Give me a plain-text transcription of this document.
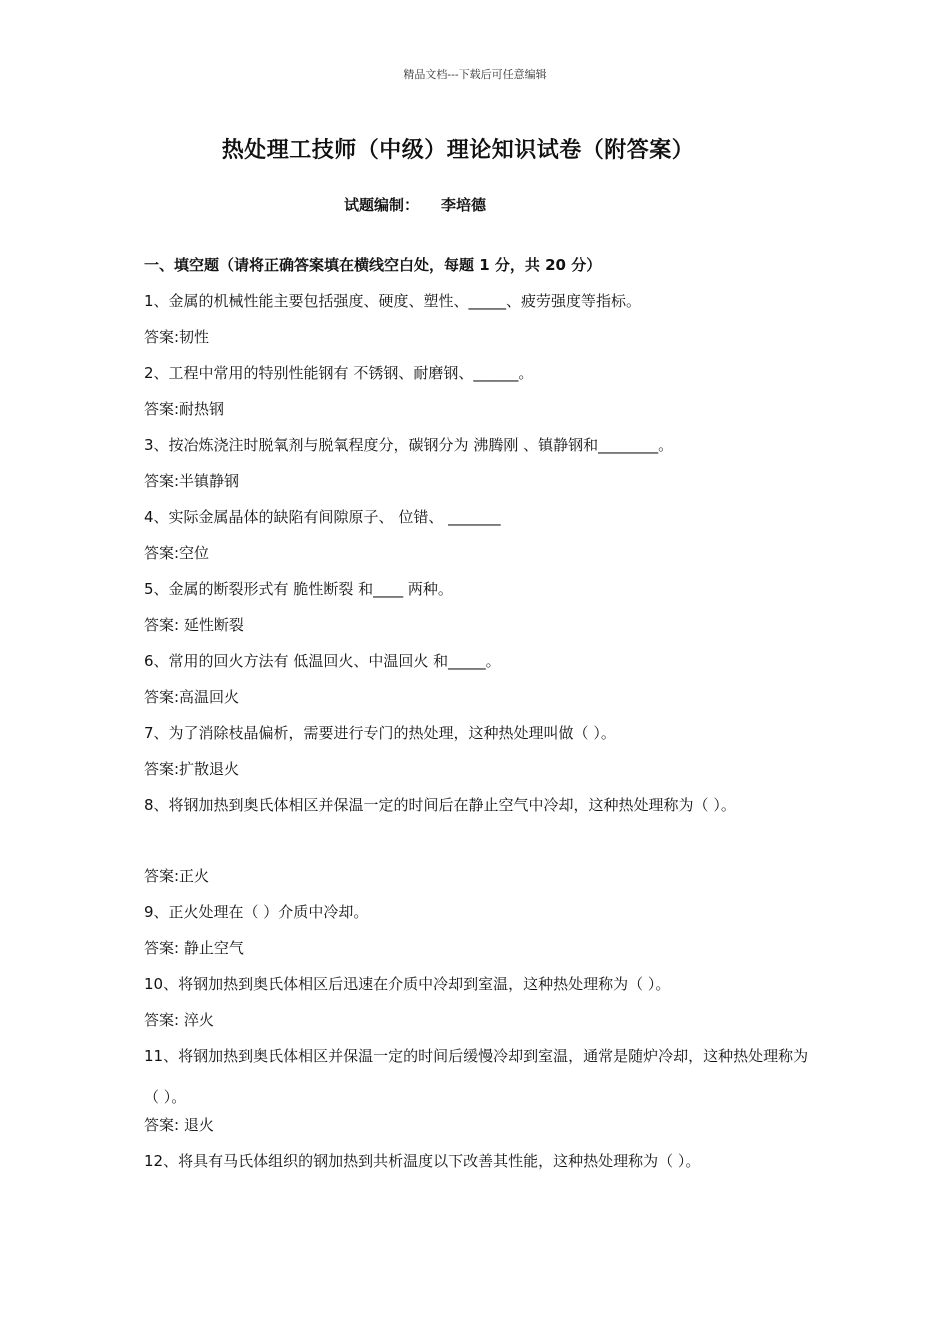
精品文档---下载后可任意编辑
热处理工技师（中级）理论知识试卷（附答案）
试题编制： 李培德
一、填空题（请将正确答案填在横线空白处，每题 1 分，共 20 分）
1、金属的机械性能主要包括强度、硬度、塑性、_____、疲劳强度等指标。
答案:韧性
2、工程中常用的特别性能钢有 不锈钢、耐磨钢、______。
答案:耐热钢
3、按冶炼浇注时脱氧剂与脱氧程度分，碳钢分为 沸腾刚 、镇静钢和________。
答案:半镇静钢
4、实际金属晶体的缺陷有间隙原子、 位错、 _______
答案:空位
5、金属的断裂形式有 脆性断裂 和____ 两种。
答案: 延性断裂
6、常用的回火方法有 低温回火、中温回火 和_____。
答案:高温回火
7、为了消除枝晶偏析，需要进行专门的热处理，这种热处理叫做（ ）。
答案:扩散退火
8、将钢加热到奥氏体相区并保温一定的时间后在静止空气中冷却，这种热处理称为（ ）。
答案:正火
9、正火处理在（ ）介质中冷却。
答案: 静止空气
10、将钢加热到奥氏体相区后迅速在介质中冷却到室温，这种热处理称为（ ）。
答案: 淬火
11、将钢加热到奥氏体相区并保温一定的时间后缓慢冷却到室温，通常是随炉冷却，这种热处理称为（ ）。
答案: 退火
12、将具有马氏体组织的钢加热到共析温度以下改善其性能，这种热处理称为（ ）。
